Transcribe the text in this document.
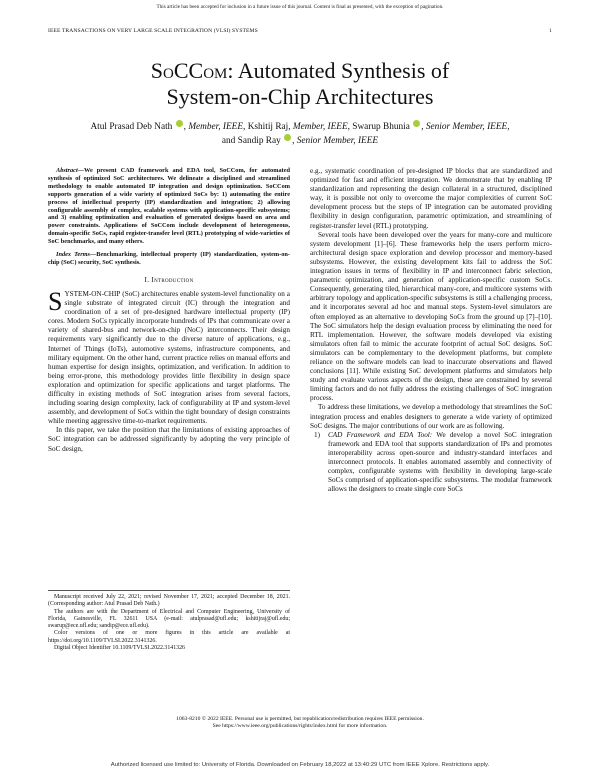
This article has been accepted for inclusion in a future issue of this journal. Content is final as presented, with the exception of pagination.
IEEE TRANSACTIONS ON VERY LARGE SCALE INTEGRATION (VLSI) SYSTEMS	1
SoCCom: Automated Synthesis of
System-on-Chip Architectures
Atul Prasad Deb Nath , Member, IEEE, Kshitij Raj, Member, IEEE, Swarup Bhunia , Senior Member, IEEE,
and Sandip Ray , Senior Member, IEEE

Abstract—We present CAD framework and EDA tool, SoCCom, for automated synthesis of optimized SoC architectures. We delineate a disciplined and streamlined methodology to enable automated IP integration and design optimization. SoCCom supports generation of a wide variety of optimized SoCs by: 1) automating the entire process of intellectual property (IP) standardization and integration; 2) allowing configurable assembly of complex, scalable systems with application-specific subsystems; and 3) enabling optimization and evaluation of generated designs based on area and power constraints. Applications of SoCCom include development of heterogeneous, domain-specific SoCs, rapid register-transfer level (RTL) prototyping of wide-varieties of SoC benchmarks, and many others.

Index Terms—Benchmarking, intellectual property (IP) standardization, system-on-chip (SoC) security, SoC synthesis.

I. Introduction

SYSTEM-ON-CHIP (SoC) architectures enable system-level functionality on a single substrate of integrated circuit (IC) through the integration and coordination of a set of pre-designed hardware intellectual property (IP) cores. Modern SoCs typically incorporate hundreds of IPs that communicate over a variety of shared-bus and network-on-chip (NoC) interconnects. Their design requirements vary significantly due to the diverse nature of applications, e.g., Internet of Things (IoTs), automotive systems, infrastructure components, and military equipment. On the other hand, current practice relies on manual efforts and human expertise for design insights, optimization, and verification. In addition to being error-prone, this methodology provides little flexibility in design space exploration and optimization for specific applications and target platforms. The difficulty in existing methods of SoC integration arises from several factors, including soaring design complexity, lack of configurability at IP and system-level assembly, and development of SoCs within the tight boundary of design constraints while meeting aggressive time-to-market requirements.

In this paper, we take the position that the limitations of existing approaches of SoC integration can be addressed significantly by adopting the very principle of SoC design,

Manuscript received July 22, 2021; revised November 17, 2021; accepted December 18, 2021. (Corresponding author: Atul Prasad Deb Nath.)

The authors are with the Department of Electrical and Computer Engineering, University of Florida, Gainesville, FL 32611 USA (e-mail: atulprasad@ufl.edu; kshitijraj@ufl.edu; swarup@ece.ufl.edu; sandip@ece.ufl.edu).

Color versions of one or more figures in this article are available at https://doi.org/10.1109/TVLSI.2022.3141326.

Digital Object Identifier 10.1109/TVLSI.2022.3141326

e.g., systematic coordination of pre-designed IP blocks that are standardized and optimized for fast and efficient integration. We demonstrate that by enabling IP standardization and representing the design collateral in a structured, disciplined way, it is possible not only to overcome the major complexities of current SoC development process but the steps of IP integration can be automated providing flexibility in design configuration, parametric optimization, and streamlining of register-transfer level (RTL) prototyping.

Several tools have been developed over the years for many-core and multicore system development [1]–[6]. These frameworks help the users perform micro-architectural design space exploration and develop processor and memory-based subsystems. However, the existing development kits fail to address the SoC integration issues in terms of flexibility in IP and interconnect fabric selection, parametric optimization, and generation of application-specific custom SoCs. Consequently, generating tiled, hierarchical many-core, and multicore systems with arbitrary topology and application-specific subsystems is still a challenging process, and it incorporates several ad hoc and manual steps. System-level simulators are often employed as an alternative to developing SoCs from the ground up [7]–[10]. The SoC simulators help the design evaluation process by eliminating the need for RTL implementation. However, the software models developed via existing simulators often fail to mimic the accurate footprint of actual SoC designs. SoC simulators can be complementary to the development platforms, but complete reliance on the software models can lead to inaccurate observations and flawed conclusions [11]. While existing SoC development platforms and simulators help study and evaluate various aspects of the design, these are constrained by several limiting factors and do not fully address the existing challenges of SoC integration process.

To address these limitations, we develop a methodology that streamlines the SoC integration process and enables designers to generate a wide variety of optimized SoC designs. The major contributions of our work are as following.

1) CAD Framework and EDA Tool: We develop a novel SoC integration framework and EDA tool that supports standardization of IPs and promotes interoperability across open-source and industry-standard interfaces and interconnect protocols. It enables automated assembly and connectivity of complex, configurable systems with flexibility in developing large-scale SoCs comprised of application-specific subsystems. The modular framework allows the designers to create single core SoCs

1063-8210 © 2022 IEEE. Personal use is permitted, but republication/redistribution requires IEEE permission.
See https://www.ieee.org/publications/rights/index.html for more information.
Authorized licensed use limited to: University of Florida. Downloaded on February 18,2022 at 13:40:29 UTC from IEEE Xplore. Restrictions apply.
